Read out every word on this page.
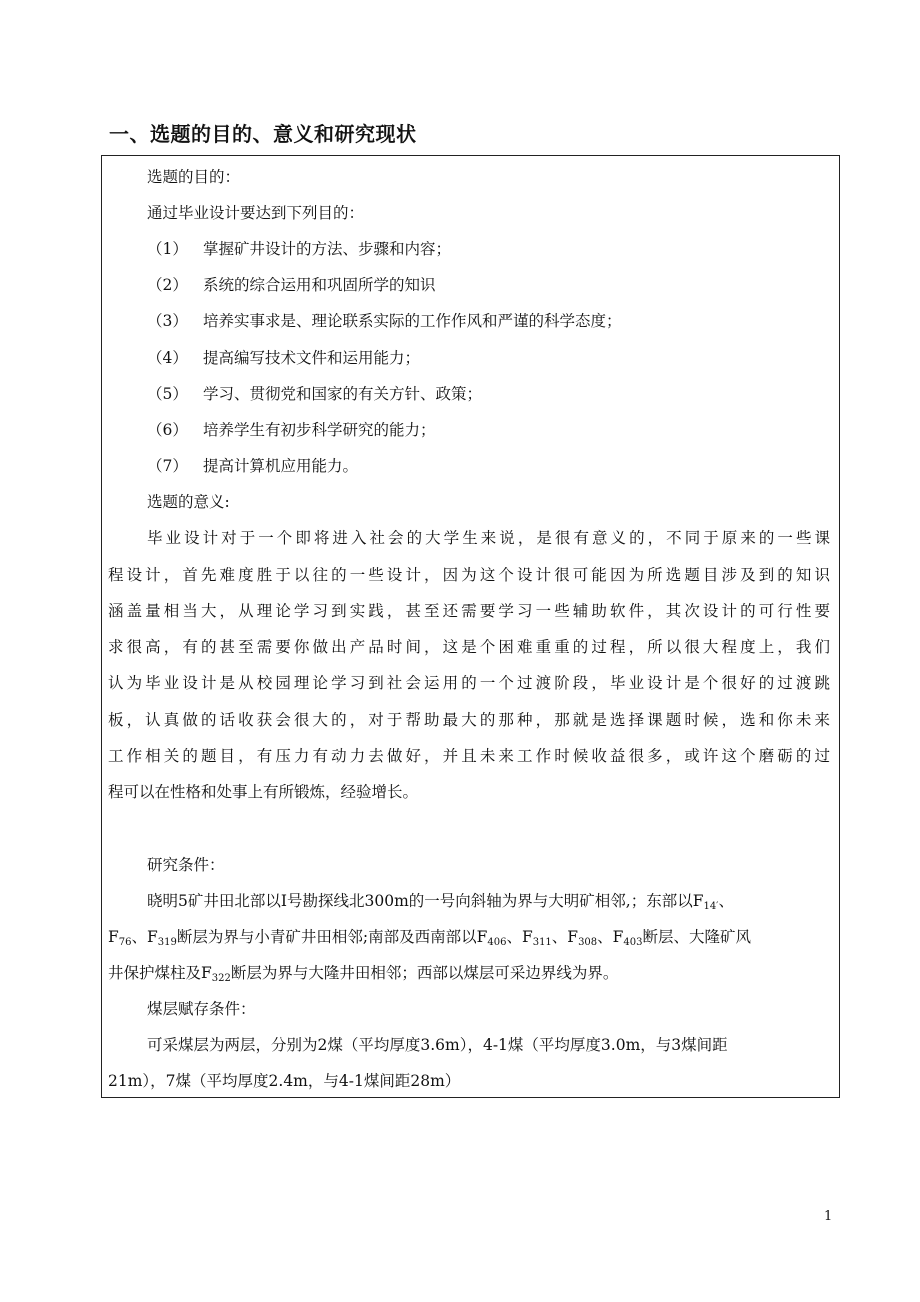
一、选题的目的、意义和研究现状
选题的目的：
通过毕业设计要达到下列目的：
（1） 掌握矿井设计的方法、步骤和内容；
（2） 系统的综合运用和巩固所学的知识
（3） 培养实事求是、理论联系实际的工作作风和严谨的科学态度；
（4） 提高编写技术文件和运用能力；
（5） 学习、贯彻党和国家的有关方针、政策；
（6） 培养学生有初步科学研究的能力；
（7） 提高计算机应用能力。
选题的意义:
毕业设计对于一个即将进入社会的大学生来说，是很有意义的，不同于原来的一些课
程设计，首先难度胜于以往的一些设计，因为这个设计很可能因为所选题目涉及到的知识
涵盖量相当大，从理论学习到实践，甚至还需要学习一些辅助软件，其次设计的可行性要
求很高，有的甚至需要你做出产品时间，这是个困难重重的过程，所以很大程度上，我们
认为毕业设计是从校园理论学习到社会运用的一个过渡阶段，毕业设计是个很好的过渡跳
板，认真做的话收获会很大的，对于帮助最大的那种，那就是选择课题时候，选和你未来
工作相关的题目，有压力有动力去做好，并且未来工作时候收益很多，或许这个磨砺的过
程可以在性格和处事上有所锻炼，经验增长。
研究条件：
晓明5矿井田北部以I号勘探线北300m的一号向斜轴为界与大明矿相邻,；东部以$F_{14'}$、
$F_{76}$、$F_{319}$断层为界与小青矿井田相邻;南部及西南部以$F_{406}$、$F_{311}$、$F_{308}$、$F_{403}$断层、大隆矿风
井保护煤柱及$F_{322}$断层为界与大隆井田相邻；西部以煤层可采边界线为界。
煤层赋存条件：
可采煤层为两层，分别为2煤（平均厚度3.6m），4-1煤（平均厚度3.0m，与3煤间距
21m），7煤（平均厚度2.4m，与4-1煤间距28m）
1
